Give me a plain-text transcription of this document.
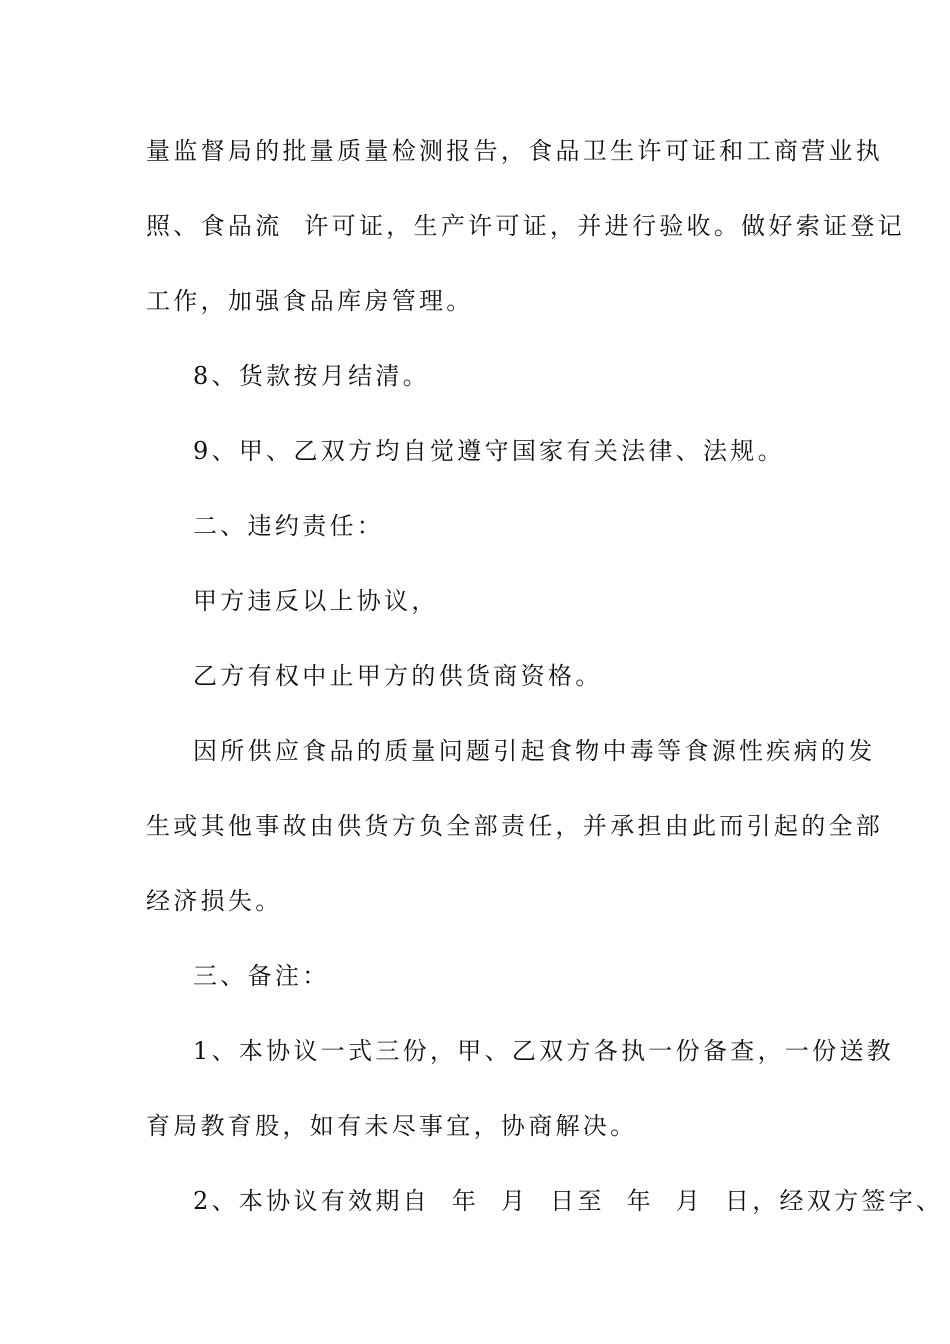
量监督局的批量质量检测报告，食品卫生许可证和工商营业执
照、食品流  许可证，生产许可证，并进行验收。做好索证登记
工作，加强食品库房管理。
8、货款按月结清。
9、甲、乙双方均自觉遵守国家有关法律、法规。
二、违约责任：
甲方违反以上协议，
乙方有权中止甲方的供货商资格。
因所供应食品的质量问题引起食物中毒等食源性疾病的发
生或其他事故由供货方负全部责任，并承担由此而引起的全部
经济损失。
三、备注：
1、本协议一式三份，甲、乙双方各执一份备查，一份送教
育局教育股，如有未尽事宜，协商解决。
2、本协议有效期自  年  月  日至  年  月  日，经双方签字、
